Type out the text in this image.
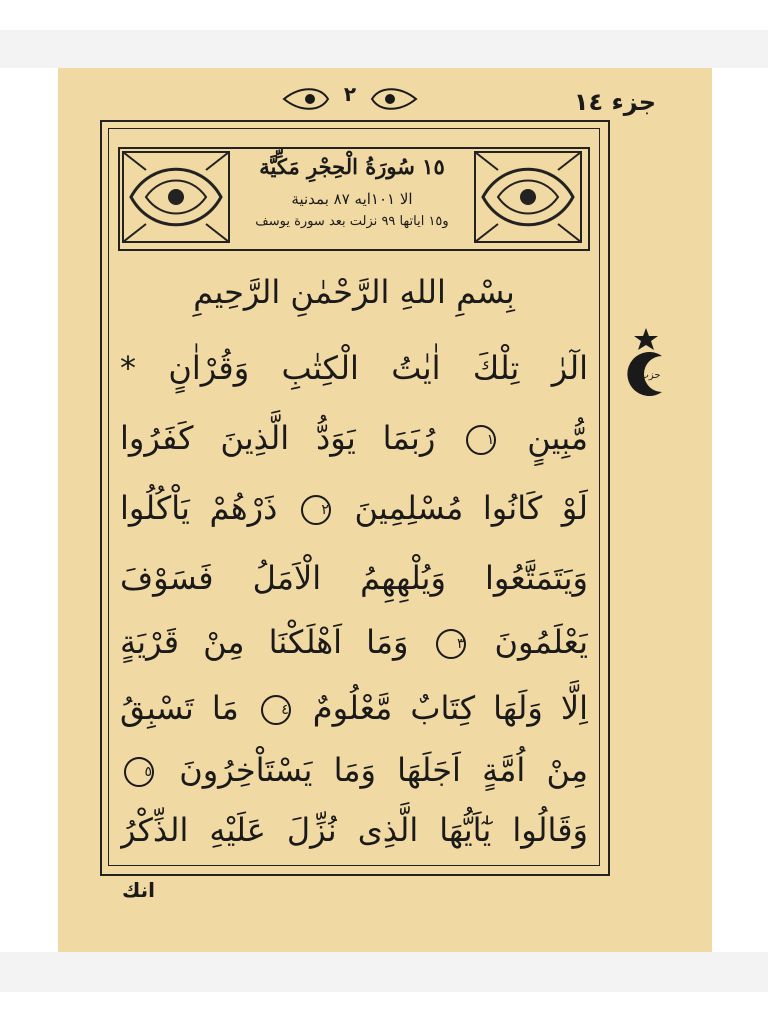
جزء ١٤
٢
١٥ سُورَةُ الْحِجْرِ مَكِّيَّة
الا ١٠١ايه ٨٧ بمدنية
و١٥ اياتها ٩٩ نزلت بعد سورة يوسف
بِسْمِ اللهِ الرَّحْمٰنِ الرَّحِيمِ
الٓرٰ تِلْكَ اٰيٰتُ الْكِتٰبِ وَقُرْاٰنٍ *
مُّبِينٍ ١ رُبَمَا يَوَدُّ الَّذِينَ كَفَرُوا
لَوْ كَانُوا مُسْلِمِينَ ٢ ذَرْهُمْ يَاْكُلُوا
وَيَتَمَتَّعُوا وَيُلْهِهِمُ الْاَمَلُ فَسَوْفَ
يَعْلَمُونَ ٣ وَمَا اَهْلَكْنَا مِنْ قَرْيَةٍ
اِلَّا وَلَهَا كِتَابٌ مَّعْلُومٌ ٤ مَا تَسْبِقُ
مِنْ اُمَّةٍ اَجَلَهَا وَمَا يَسْتَاْخِرُونَ ٥
وَقَالُوا يٰٓاَيُّهَا الَّذِى نُزِّلَ عَلَيْهِ الذِّكْرُ
حزب
انك
